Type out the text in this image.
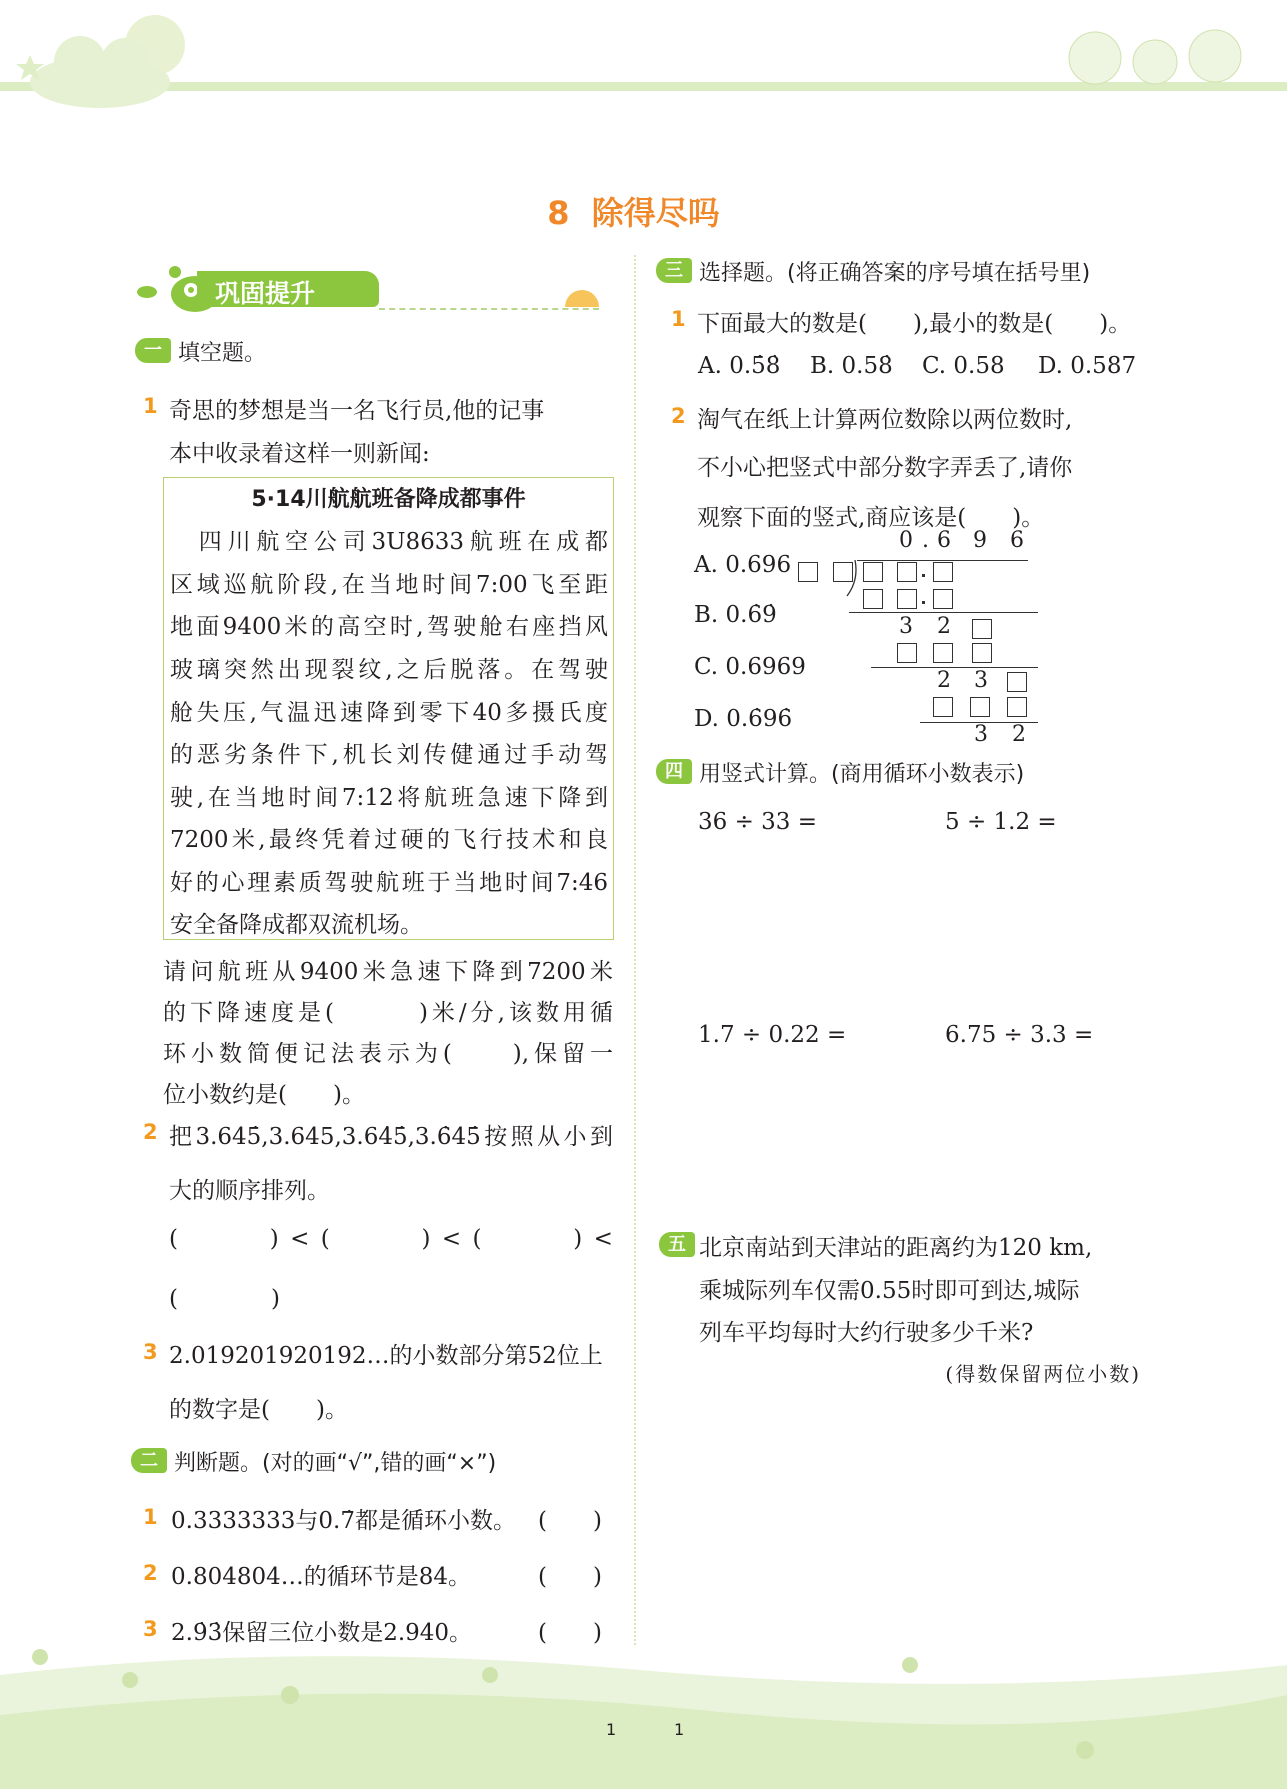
8  除得尽吗
巩固提升
一 填空题。
1 奇思的梦想是当一名飞行员,他的记事
本中收录着这样一则新闻:
5·14川航航班备降成都事件
　四川航空公司3U8633航班在成都
区域巡航阶段,在当地时间7:00飞至距
地面9400米的高空时,驾驶舱右座挡风
玻璃突然出现裂纹,之后脱落。在驾驶
舱失压,气温迅速降到零下40多摄氏度
的恶劣条件下,机长刘传健通过手动驾
驶,在当地时间7:12将航班急速下降到
7200米,最终凭着过硬的飞行技术和良
好的心理素质驾驶航班于当地时间7:46
安全备降成都双流机场。
请问航班从9400米急速下降到7200米
的下降速度是(　　　)米/分,该数用循
环小数简便记法表示为(　　),保留一
位小数约是(　　)。
2 把3.645̇,3.645,3.64̇5̇,3.6̇45̇按照从小到
大的顺序排列。
(
　　　	) < (
　　　	) < (
　　　	) <
(　　　)
3 2.019201920192…的小数部分第52位上
的数字是(　　)。
二 判断题。(对的画“√”,错的画“×”)
1 0.3333333与0.7̇都是循环小数。 (　　)
2 0.804804…的循环节是84。	(　　)
3 2.9̇3̇保留三位小数是2.940。	(　　)
三 选择题。(将正确答案的序号填在括号里)
1 下面最大的数是(　　),最小的数是(　　)。
A. 0.5̇8̇ B. 0.58̇ C. 0.58 D. 0.587
2 淘气在纸上计算两位数除以两位数时,
不小心把竖式中部分数字弄丢了,请你
观察下面的竖式,商应该是(　　)。
A. 0.696
B. 0.6̇9̇
C. 0.6969
D. 0.6̇96̇
0 . 6 9 6
3 2
2 3
3 2
四 用竖式计算。(商用循环小数表示)
36 ÷ 33 =	5 ÷ 1.2 =
1.7 ÷ 0.22 =	6.75 ÷ 3.3 =
五 北京南站到天津站的距离约为120 km,
乘城际列车仅需0.55时即可到达,城际
列车平均每时大约行驶多少千米?
(得数保留两位小数)
1	1
